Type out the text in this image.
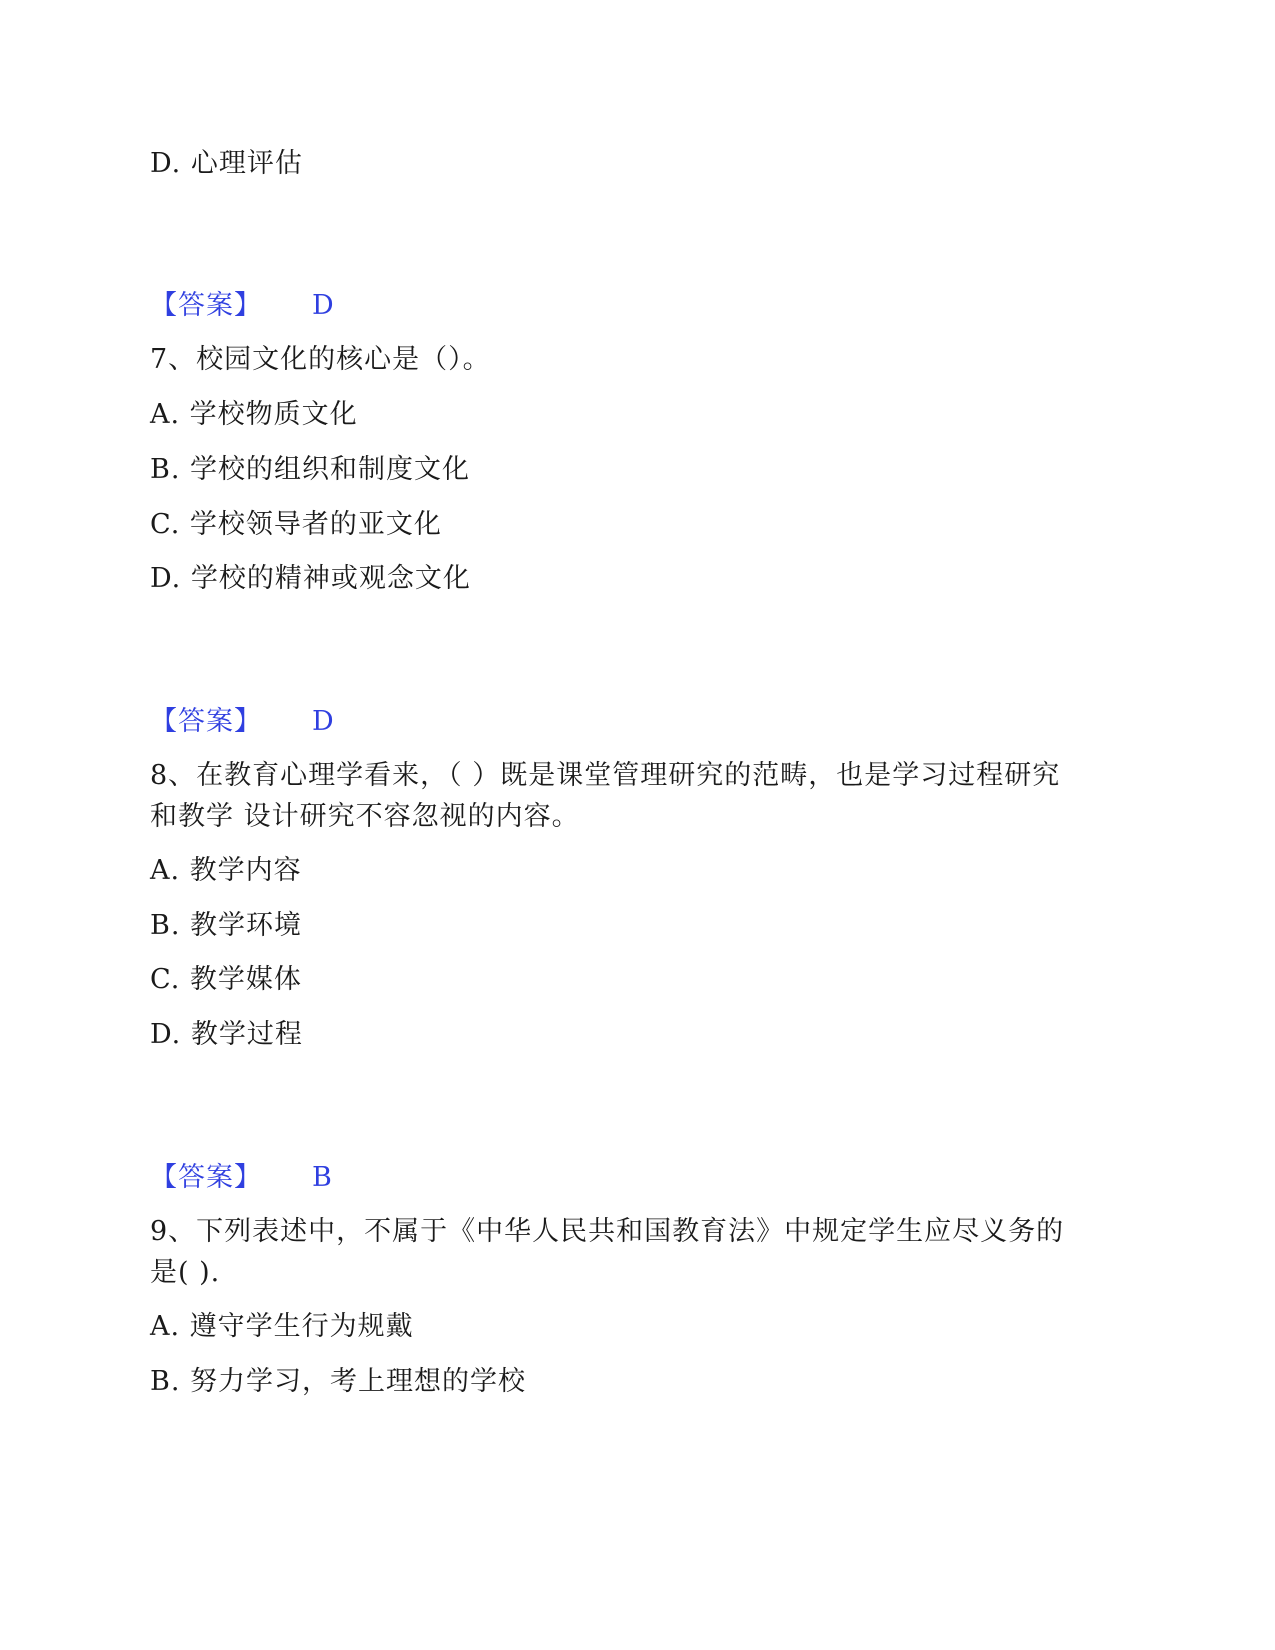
D. 心理评估
【答案】 D
7、校园文化的核心是（）。
A. 学校物质文化
B. 学校的组织和制度文化
C. 学校领导者的亚文化
D. 学校的精神或观念文化
【答案】 D
8、在教育心理学看来，（ ）既是课堂管理研究的范畴，也是学习过程研究
和教学 设计研究不容忽视的内容。
A. 教学内容
B. 教学环境
C. 教学媒体
D. 教学过程
【答案】 B
9、下列表述中，不属于《中华人民共和国教育法》中规定学生应尽义务的
是( ).
A. 遵守学生行为规戴
B. 努力学习，考上理想的学校
